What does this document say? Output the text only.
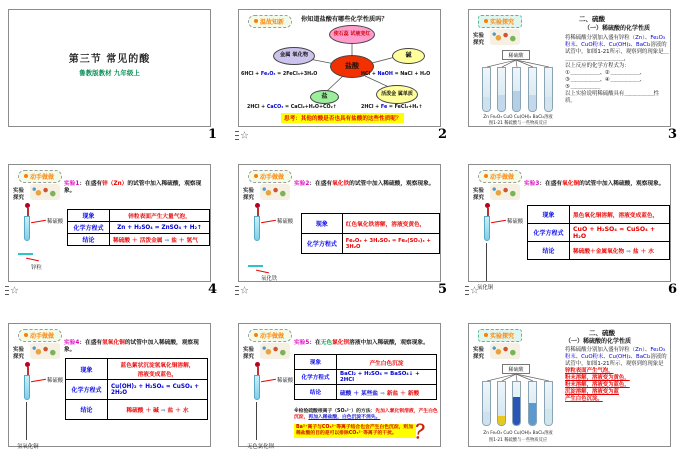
第三节 常见的酸
鲁教版教材 九年级上
1
温故知新	你知道盐酸有哪些化学性质吗？
使石蕊 试液变红
金属 氧化物
盐酸
碱
盐	活泼金 属单质
6HCl + Fe₂O₃ = 2FeCl₃+3H₂O	HCl + NaOH = NaCl + H₂O
2HCl + CaCO₃ = CaCl₂+H₂O+CO₂↑	2HCl + Fe = FeCl₂+H₂↑
思考：其他的酸是否也具有盐酸的这些性质呢？
☆	2
实验探究
实验
探究
稀硫酸
Zn Fe₂O₃ CuO Cu(OH)₂ BaCl₂溶液
图1-21 稀硫酸与一些物质反应
二、硫酸
（一）稀硫酸的化学性质

将稀硫酸分别加入盛有锌粒（Zn）、Fe₂O₃粉末、CuO粉末、Cu(OH)₂、BaCl₂溶液的试管中，如图1-21所示，观察到的现象是＿＿＿＿＿＿＿＿＿＿＿＿＿，

以上反应的化学方程式为：

① ＿＿＿＿＿＿、② ＿＿＿＿＿＿、

③ ＿＿＿＿＿＿、④ ＿＿＿＿＿＿、

⑤ ＿＿＿＿＿＿

以上实验说明稀硫酸具有＿＿＿＿＿＿性质。

3
动手做做
实验
探究
实验1：在盛有锌（Zn）的试管中加入稀硫酸，观察现象。
稀硫酸
锌粒
现象	锌粒表面产生大量气泡，
化学方程式	Zn + H₂SO₄ = ZnSO₄ + H₂↑
结论	稀硫酸 ＋ 活泼金属 ⇒ 盐 ＋ 氢气
☆	4
动手做做
实验
探究
实验2：在盛有氧化铁的试管中加入稀硫酸，观察现象。
稀硫酸
氧化铁
现象	红色氧化铁溶解，溶液变黄色，
化学方程式	Fe₂O₃ + 3H₂SO₄ = Fe₂(SO₄)₃ + 3H₂O
☆	5
动手做做
实验
探究
实验3：在盛有氧化铜的试管中加入稀硫酸，观察现象。
稀硫酸
氧化铜
现象	黑色氧化铜溶解，溶液变成蓝色，
化学方程式	CuO + H₂SO₄ = CuSO₄ + H₂O
结论	稀硫酸＋金属氧化物 ⇒ 盐 ＋ 水
☆	6
动手做做
实验
探究
实验4：在盛有氢氧化铜的试管中加入稀硫酸，观察现象。
稀硫酸
氢氧化铜
现象	蓝色絮状沉淀氢氧化铜溶解，
溶液变成蓝色，
化学方程式	Cu(OH)₂ + H₂SO₄ = CuSO₄ + 2H₂O
结论	稀硫酸 ＋ 碱 ⇒ 盐 ＋ 水
动手做做
实验
探究
实验5：在无色氯化钡溶液中加入稀硫酸，观察现象。
稀硫酸
无色氯化钡
现象	产生白色沉淀
化学方程式	BaCl₂ + H₂SO₄ = BaSO₄↓ + 2HCl
结论	硫酸 ＋ 某些盐 ⇒ 新盐 ＋ 新酸
※检验硫酸根离子（SO₄²⁻）的方法：先加入氯化钡溶液，产生白色沉淀，再加入稀盐酸，白色沉淀不消失。
Ba²⁺离子与CO₃²⁻等离子结合也会产生白色沉淀，则加稀盐酸的目的是可以排除CO₃²⁻等离子的干扰。 ？
实验探究
实验
探究
稀硫酸
Zn Fe₂O₃ CuO Cu(OH)₂ BaCl₂溶液
图1-21 稀硫酸与一些物质反应
二、硫酸
（一）稀硫酸的化学性质

将稀硫酸分别加入盛有锌粒（Zn）、Fe₂O₃粉末、CuO粉末、Cu(OH)₂、BaCl₂溶液的试管中，如图1-21所示，观察到的现象是

锌粒表面产生气泡，

粉末溶解，溶液变为黄色，

粉末溶解，溶液变为蓝色，

沉淀溶解，溶液变为蓝

产生白色沉淀。
